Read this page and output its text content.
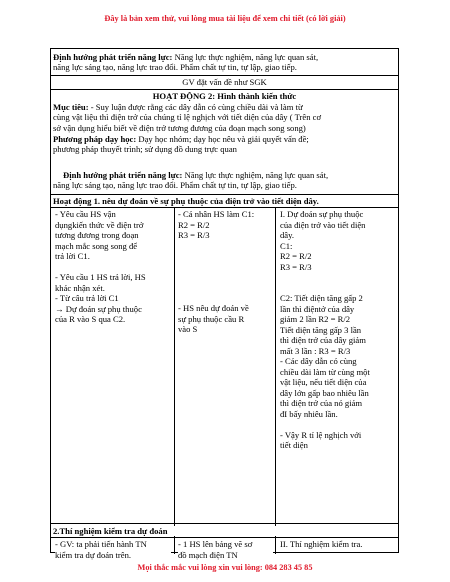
Đây là bản xem thử, vui lòng mua tài liệu để xem chi tiết (có lời giải)
Định hướng phát triển năng lực: Năng lực thực nghiệm, năng lực quan sát,
năng lực sáng tạo, năng lực trao đổi. Phẩm chất tự tin, tự lập, giao tiếp.
GV đặt vấn đề như SGK
HOẠT ĐỘNG 2: Hình thành kiến thức
Mục tiêu: - Suy luận được rằng các dây dẫn có cùng chiều dài và làm từ
cùng vật liệu thì điện trở của chúng tỉ lệ nghịch với tiết diện của dây ( Trên cơ
sở vận dụng hiểu biết về điện trở tương đương của đoạn mạch song song)
Phương pháp dạy học: Dạy học nhóm; dạy học nêu và giải quyết vấn đề;
phương pháp thuyết trình; sử dụng đồ dung trực quan
Định hướng phát triển năng lực: Năng lực thực nghiệm, năng lực quan sát,
năng lực sáng tạo, năng lực trao đổi. Phẩm chất tự tin, tự lập, giao tiếp.
Hoạt động 1. nêu dự đoán về sự phụ thuộc của điện trở vào tiết diện dây.
- Yêu cầu HS vận
dụngkiến thức về điện trở
tương đương trong đoạn
mạch mắc song song để
trả lời C1.
- Yêu cầu 1 HS trả lời, HS
khác nhận xét.
- Từ câu trả lời C1
→ Dự đoán sự phụ thuộc
của R vào S qua C2.
- Cá nhân HS làm C1:
R2 = R/2
R3 = R/3
- HS nêu dự đoán về
sự phụ thuộc cầu R
vào S
I. Dự đoán sự phụ thuộc
của điện trở vào tiết diện
dây.
C1:
R2 = R/2
R3 = R/3
C2: Tiết diện tăng gấp 2
lần thì điệntở của dây
giảm 2 lần R2 = R/2
Tiết diện tăng gấp 3 lần
thì điện trở của dây giảm
mất 3 lần : R3 = R/3
- Các dây dẫn có cùng
chiều dài làm từ cùng một
vật liệu, nếu tiết diện của
dây lớn gấp bao nhiêu lần
thì điện trở của nó giảm
đI bấy nhiêu lần.
- Vậy R tỉ lệ nghịch với
tiết diện
2.Thí nghiệm kiểm tra dự đoán
- GV: ta phải tiến hành TN
kiểm tra dự đoán trên.
- 1 HS lên bảng vẽ sơ
đồ mạch điện TN
II. Thí nghiệm kiểm tra.
Mọi thắc mắc vui lòng xin vui lòng: 084 283 45 85
